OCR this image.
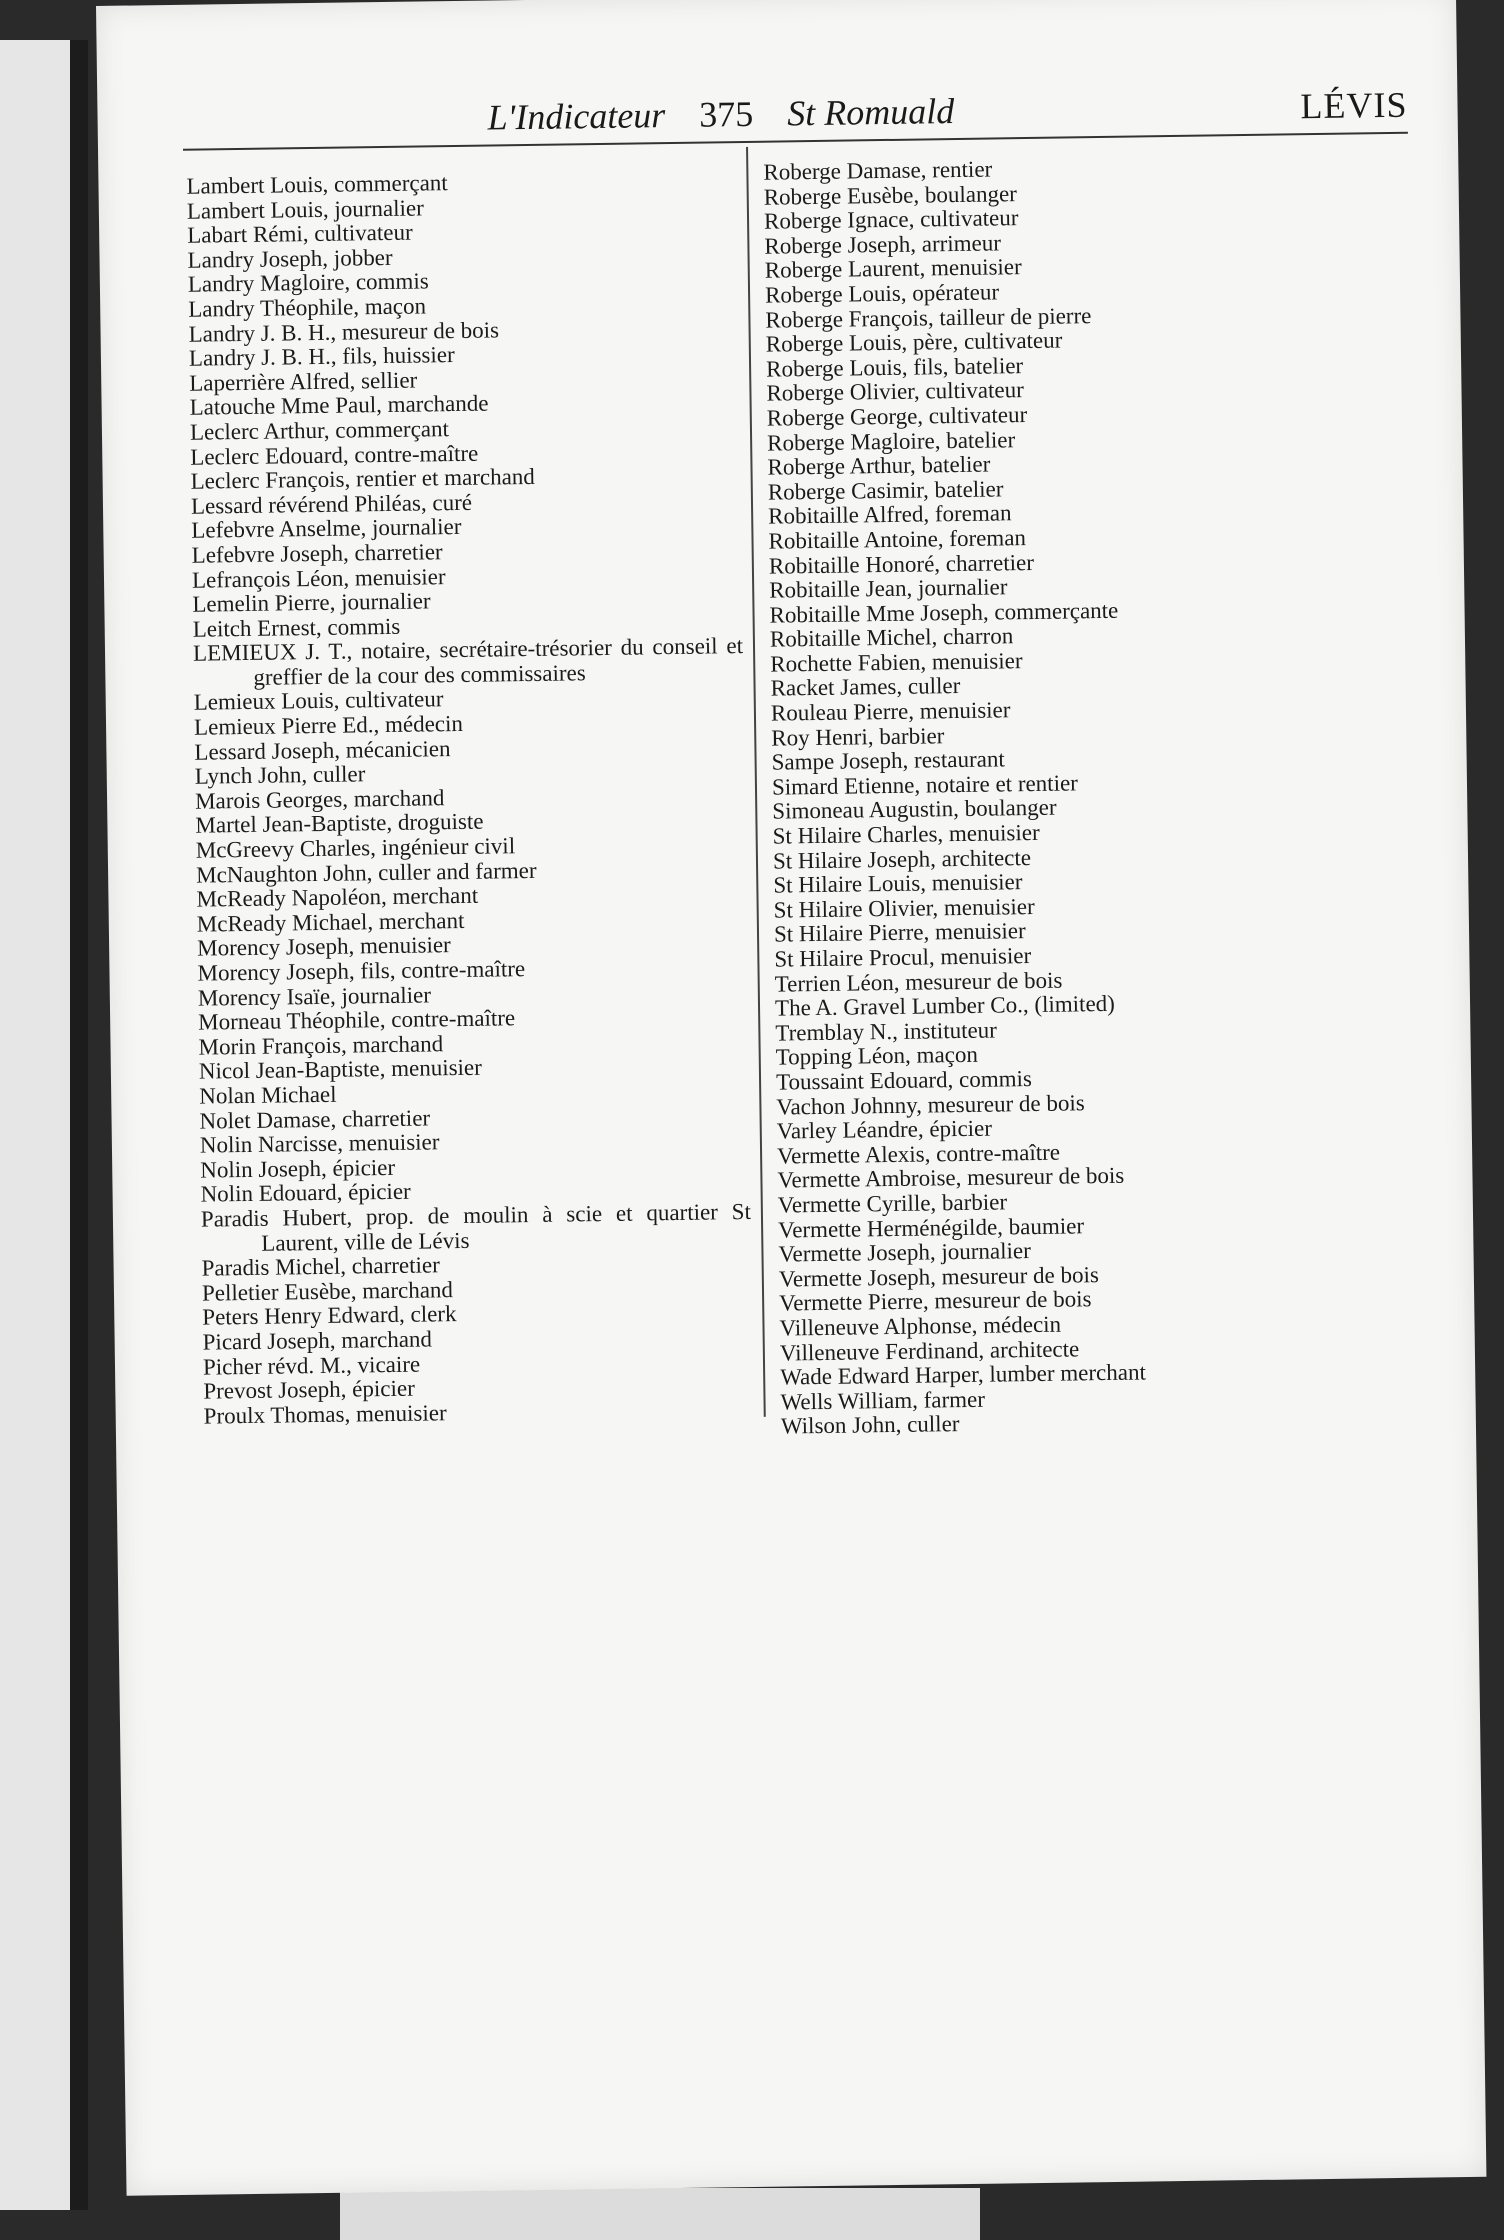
L'Indicateur 375 St Romuald	LÉVIS
Lambert Louis, commerçant
Lambert Louis, journalier
Labart Rémi, cultivateur
Landry Joseph, jobber
Landry Magloire, commis
Landry Théophile, maçon
Landry J. B. H., mesureur de bois
Landry J. B. H., fils, huissier
Laperrière Alfred, sellier
Latouche Mme Paul, marchande
Leclerc Arthur, commerçant
Leclerc Edouard, contre-maître
Leclerc François, rentier et marchand
Lessard révérend Philéas, curé
Lefebvre Anselme, journalier
Lefebvre Joseph, charretier
Lefrançois Léon, menuisier
Lemelin Pierre, journalier
Leitch Ernest, commis
LEMIEUX J. T., notaire, secrétaire-trésorier du conseil et greffier de la cour des commissaires
Lemieux Louis, cultivateur
Lemieux Pierre Ed., médecin
Lessard Joseph, mécanicien
Lynch John, culler
Marois Georges, marchand
Martel Jean-Baptiste, droguiste
McGreevy Charles, ingénieur civil
McNaughton John, culler and farmer
McReady Napoléon, merchant
McReady Michael, merchant
Morency Joseph, menuisier
Morency Joseph, fils, contre-maître
Morency Isaïe, journalier
Morneau Théophile, contre-maître
Morin François, marchand
Nicol Jean-Baptiste, menuisier
Nolan Michael
Nolet Damase, charretier
Nolin Narcisse, menuisier
Nolin Joseph, épicier
Nolin Edouard, épicier
Paradis Hubert, prop. de moulin à scie et quartier St Laurent, ville de Lévis
Paradis Michel, charretier
Pelletier Eusèbe, marchand
Peters Henry Edward, clerk
Picard Joseph, marchand
Picher révd. M., vicaire
Prevost Joseph, épicier
Proulx Thomas, menuisier
Roberge Damase, rentier
Roberge Eusèbe, boulanger
Roberge Ignace, cultivateur
Roberge Joseph, arrimeur
Roberge Laurent, menuisier
Roberge Louis, opérateur
Roberge François, tailleur de pierre
Roberge Louis, père, cultivateur
Roberge Louis, fils, batelier
Roberge Olivier, cultivateur
Roberge George, cultivateur
Roberge Magloire, batelier
Roberge Arthur, batelier
Roberge Casimir, batelier
Robitaille Alfred, foreman
Robitaille Antoine, foreman
Robitaille Honoré, charretier
Robitaille Jean, journalier
Robitaille Mme Joseph, commerçante
Robitaille Michel, charron
Rochette Fabien, menuisier
Racket James, culler
Rouleau Pierre, menuisier
Roy Henri, barbier
Sampe Joseph, restaurant
Simard Etienne, notaire et rentier
Simoneau Augustin, boulanger
St Hilaire Charles, menuisier
St Hilaire Joseph, architecte
St Hilaire Louis, menuisier
St Hilaire Olivier, menuisier
St Hilaire Pierre, menuisier
St Hilaire Procul, menuisier
Terrien Léon, mesureur de bois
The A. Gravel Lumber Co., (limited)
Tremblay N., instituteur
Topping Léon, maçon
Toussaint Edouard, commis
Vachon Johnny, mesureur de bois
Varley Léandre, épicier
Vermette Alexis, contre-maître
Vermette Ambroise, mesureur de bois
Vermette Cyrille, barbier
Vermette Herménégilde, baumier
Vermette Joseph, journalier
Vermette Joseph, mesureur de bois
Vermette Pierre, mesureur de bois
Villeneuve Alphonse, médecin
Villeneuve Ferdinand, architecte
Wade Edward Harper, lumber merchant
Wells William, farmer
Wilson John, culler
